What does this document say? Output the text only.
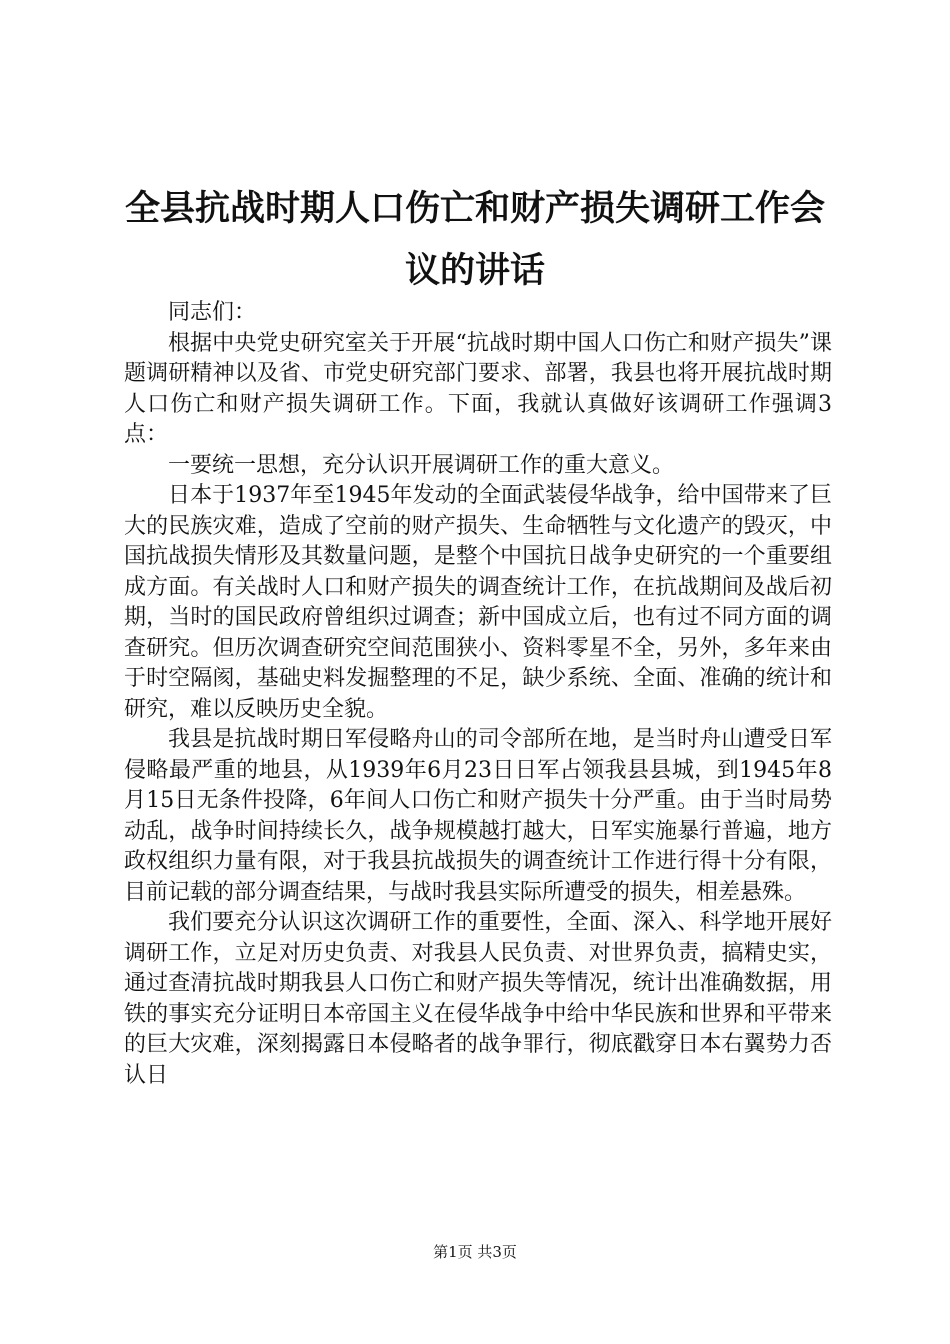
全县抗战时期人口伤亡和财产损失调研工作会议的讲话

同志们：

根据中央党史研究室关于开展“抗战时期中国人口伤亡和财产损失”课题调研精神以及省、市党史研究部门要求、部署，我县也将开展抗战时期人口伤亡和财产损失调研工作。下面，我就认真做好该调研工作强调3点：

一要统一思想，充分认识开展调研工作的重大意义。

日本于1937年至1945年发动的全面武装侵华战争，给中国带来了巨大的民族灾难，造成了空前的财产损失、生命牺牲与文化遗产的毁灭，中国抗战损失情形及其数量问题，是整个中国抗日战争史研究的一个重要组成方面。有关战时人口和财产损失的调查统计工作，在抗战期间及战后初期，当时的国民政府曾组织过调查；新中国成立后，也有过不同方面的调查研究。但历次调查研究空间范围狭小、资料零星不全，另外，多年来由于时空隔阂，基础史料发掘整理的不足，缺少系统、全面、准确的统计和研究，难以反映历史全貌。

我县是抗战时期日军侵略舟山的司令部所在地，是当时舟山遭受日军侵略最严重的地县，从1939年6月23日日军占领我县县城，到1945年8月15日无条件投降，6年间人口伤亡和财产损失十分严重。由于当时局势动乱，战争时间持续长久，战争规模越打越大，日军实施暴行普遍，地方政权组织力量有限，对于我县抗战损失的调查统计工作进行得十分有限，目前记载的部分调查结果，与战时我县实际所遭受的损失，相差悬殊。

我们要充分认识这次调研工作的重要性，全面、深入、科学地开展好调研工作，立足对历史负责、对我县人民负责、对世界负责，搞精史实，通过查清抗战时期我县人口伤亡和财产损失等情况，统计出准确数据，用铁的事实充分证明日本帝国主义在侵华战争中给中华民族和世界和平带来的巨大灾难，深刻揭露日本侵略者的战争罪行，彻底戳穿日本右翼势力否认日

第1页 共3页
